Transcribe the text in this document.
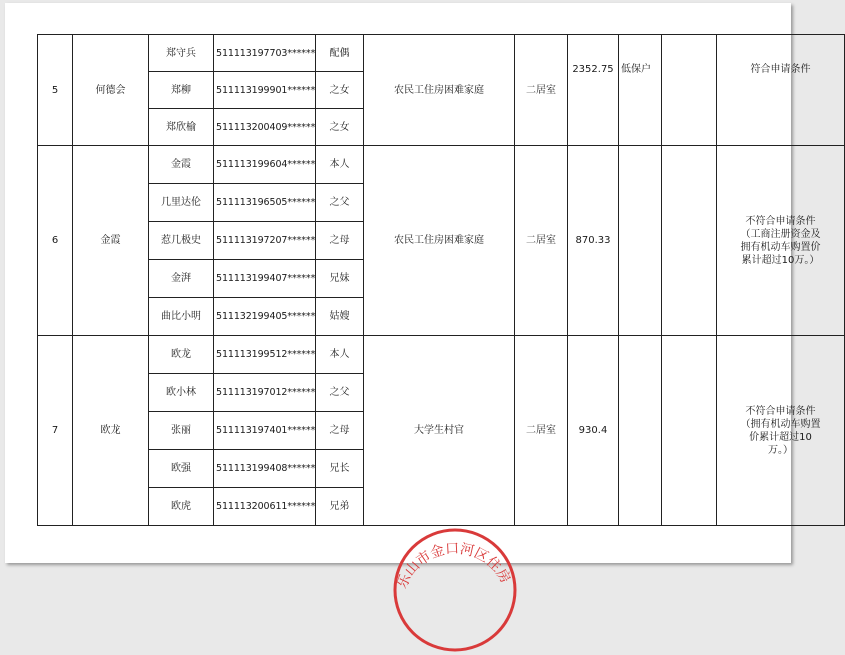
5	何德会	郑守兵	511113197703******	配偶	农民工住房困难家庭	二居室	2352.75	低保户		符合申请条件
		郑柳	511113199901******	之女						
		郑欣榆	511113200409******	之女						
6	金霞	金霞	511113199604******	本人	农民工住房困难家庭	二居室	870.33			不符合申请条件（工商注册资金及拥有机动车购置价累计超过10万。）
		几里达伦	511113196505******	之父						
		惹几极史	511113197207******	之母						
		金湃	511113199407******	兄妹						
		曲比小明	511132199405******	姑嫂						
7	欧龙	欧龙	511113199512******	本人	大学生村官	二居室	930.4			不符合申请条件（拥有机动车购置价累计超过10万。）
		欧小林	511113197012******	之父						
		张丽	511113197401******	之母						
		欧强	511113199408******	兄长						
		欧虎	511113200611******	兄弟						
乐山市金口河区住房
